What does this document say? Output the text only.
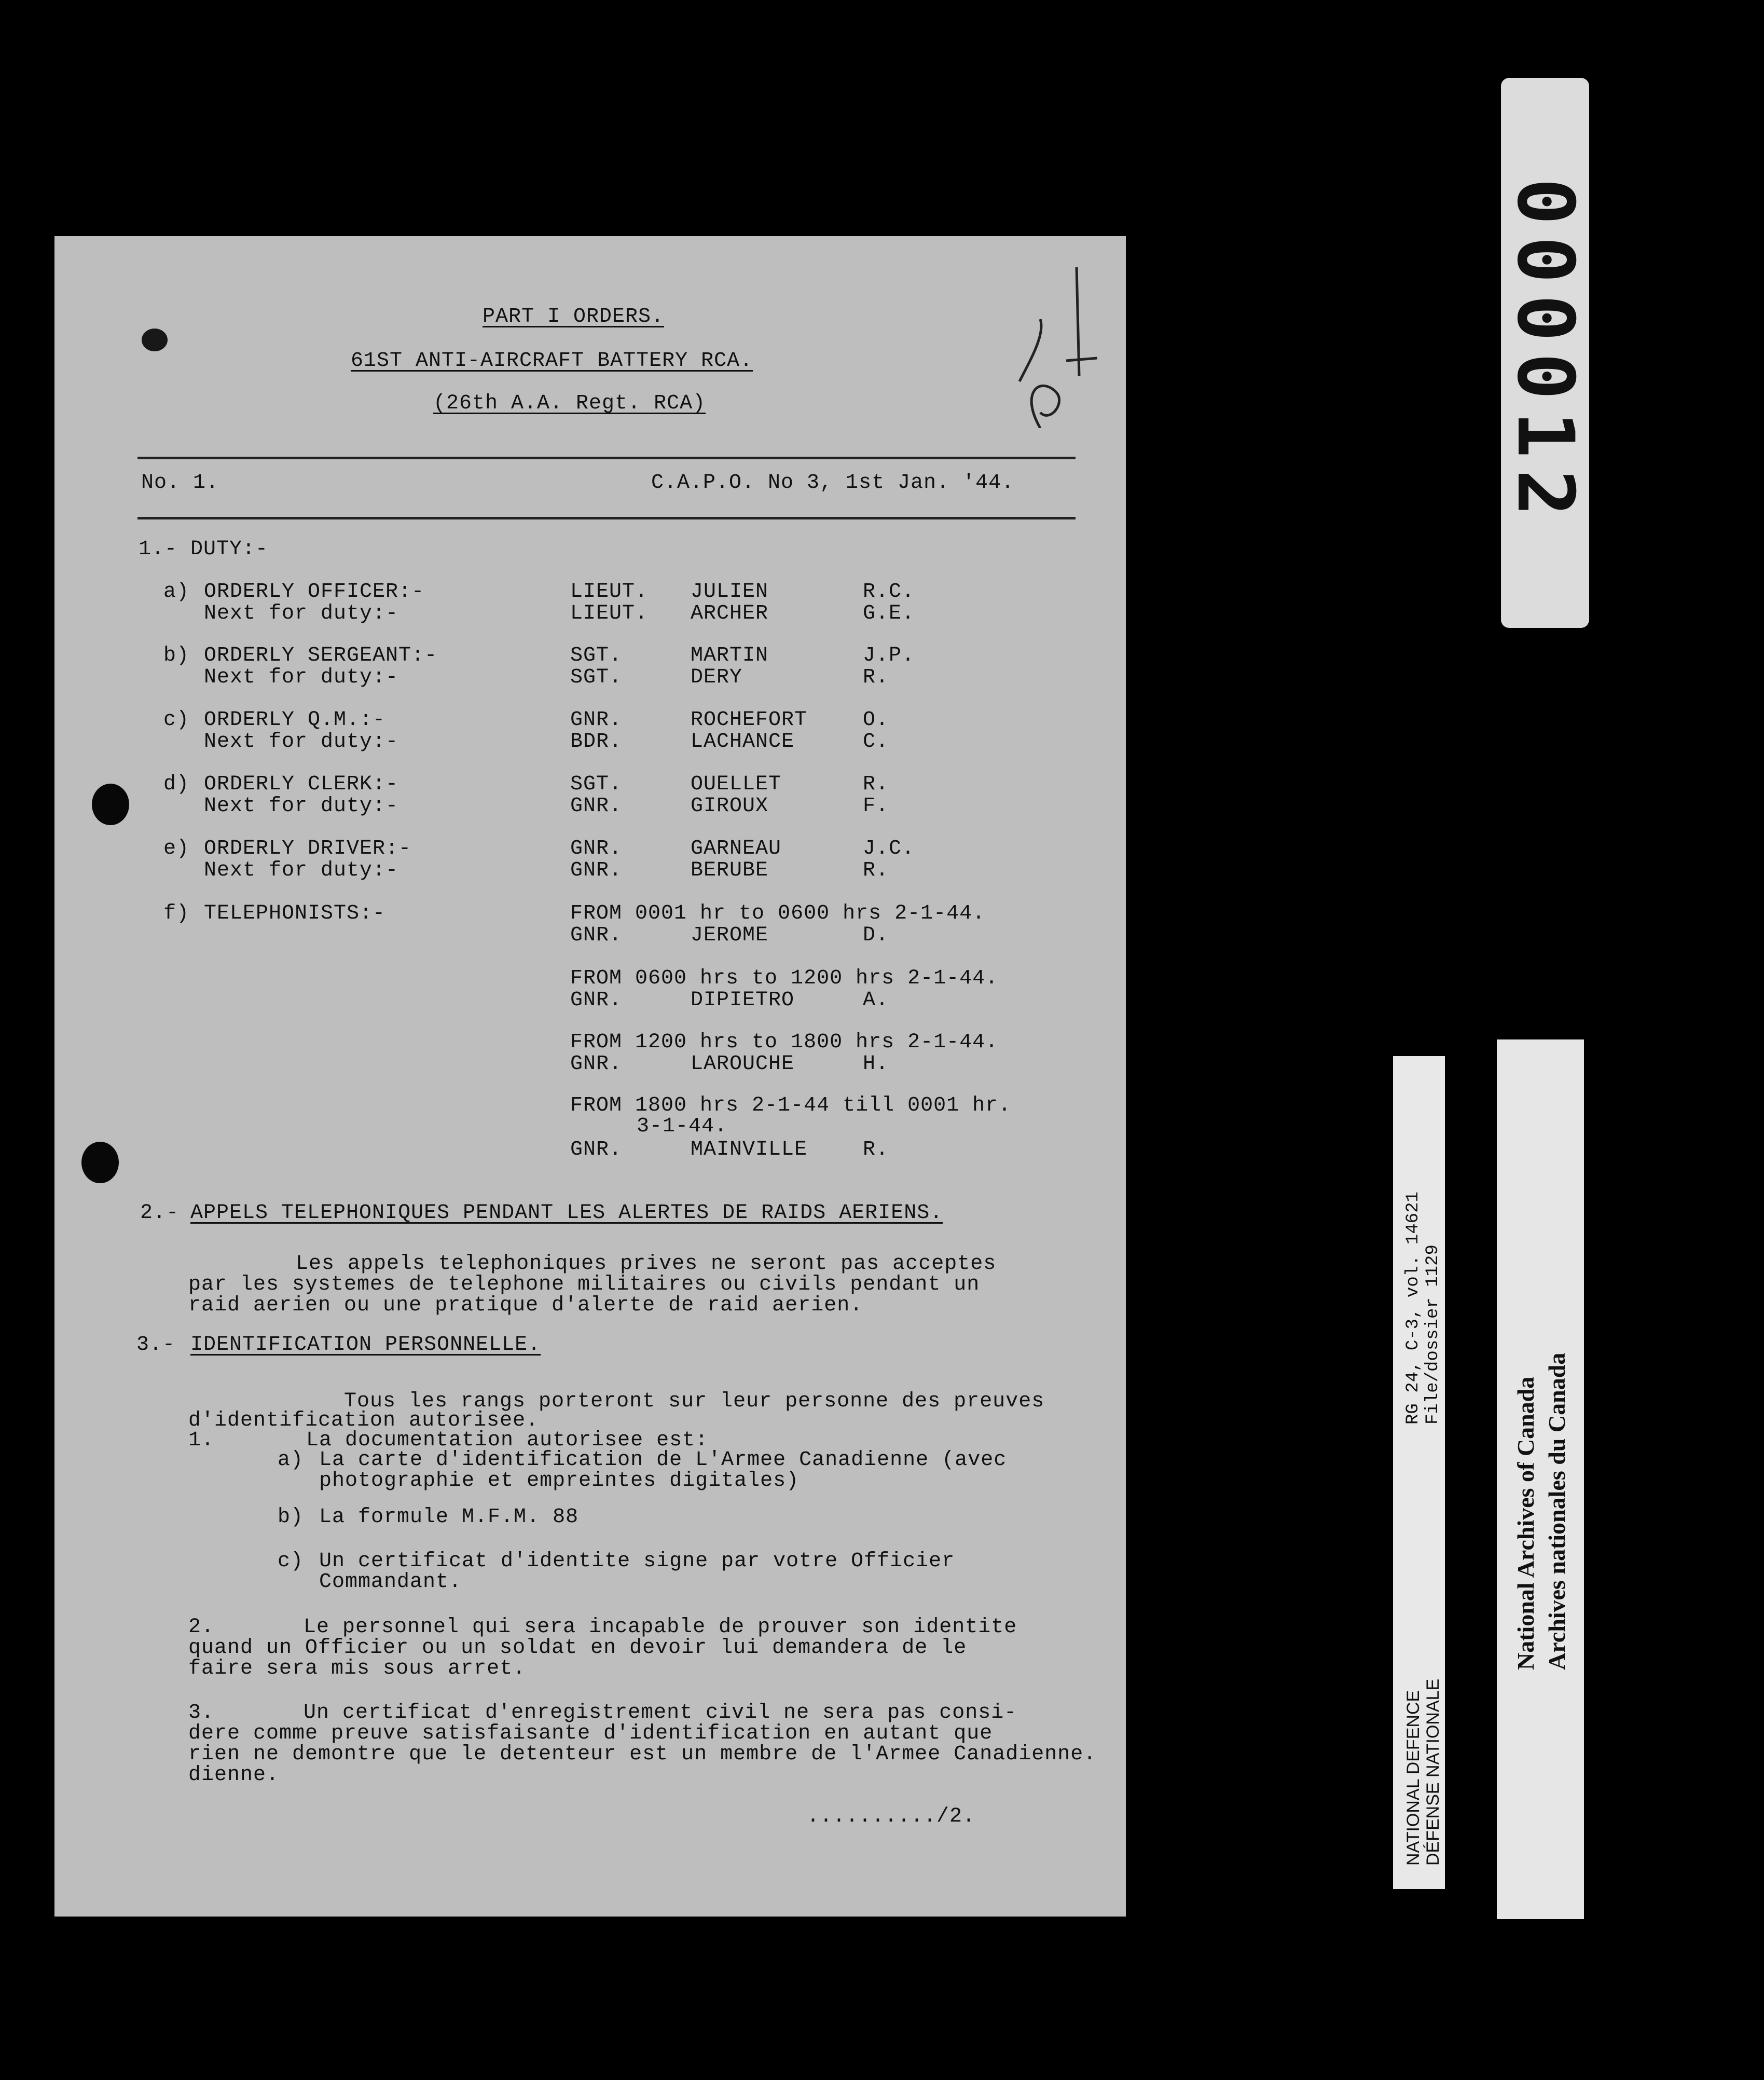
PART I ORDERS.
61ST ANTI-AIRCRAFT BATTERY RCA.
(26th A.A. Regt. RCA)
No. 1.	C.A.P.O. No 3, 1st Jan. '44.
1.- DUTY:-
a) ORDERLY OFFICER:-	LIEUT. JULIEN	R.C.
Next for duty:-	LIEUT. ARCHER	G.E.
b) ORDERLY SERGEANT:-	SGT.	MARTIN	J.P.
Next for duty:-	SGT.	DERY	R.
c) ORDERLY Q.M.:-	GNR.	ROCHEFORT	O.
Next for duty:-	BDR.	LACHANCE	C.
d) ORDERLY CLERK:-	SGT.	OUELLET	R.
Next for duty:-	GNR.	GIROUX	F.
e) ORDERLY DRIVER:-	GNR.	GARNEAU	J.C.
Next for duty:-	GNR.	BERUBE	R.
f) TELEPHONISTS:-	FROM 0001 hr to 0600 hrs 2-1-44.
GNR.	JEROME	D.
FROM 0600 hrs to 1200 hrs 2-1-44.
GNR.	DIPIETRO	A.
FROM 1200 hrs to 1800 hrs 2-1-44.
GNR.	LAROUCHE	H.
FROM 1800 hrs 2-1-44 till 0001 hr.
3-1-44.
GNR.	MAINVILLE	R.
2.- APPELS TELEPHONIQUES PENDANT LES ALERTES DE RAIDS AERIENS.
Les appels telephoniques prives ne seront pas acceptes
par les systemes de telephone militaires ou civils pendant un
raid aerien ou une pratique d'alerte de raid aerien.
3.- IDENTIFICATION PERSONNELLE.
Tous les rangs porteront sur leur personne des preuves
d'identification autorisee.
1.	La documentation autorisee est:
a) La carte d'identification de L'Armee Canadienne (avec
photographie et empreintes digitales)
b) La formule M.F.M. 88
c) Un certificat d'identite signe par votre Officier
Commandant.
2.	Le personnel qui sera incapable de prouver son identite
quand un Officier ou un soldat en devoir lui demandera de le
faire sera mis sous arret.
3.	Un certificat d'enregistrement civil ne sera pas consi-
dere comme preuve satisfaisante d'identification en autant que
rien ne demontre que le detenteur est un membre de l'Armee Canadienne.
dienne.
........../2.
000012
RG 24, C-3, vol. 14621 File/dossier 1129
NATIONAL DEFENCE DÉFENSE NATIONALE
National Archives of Canada Archives nationales du Canada
